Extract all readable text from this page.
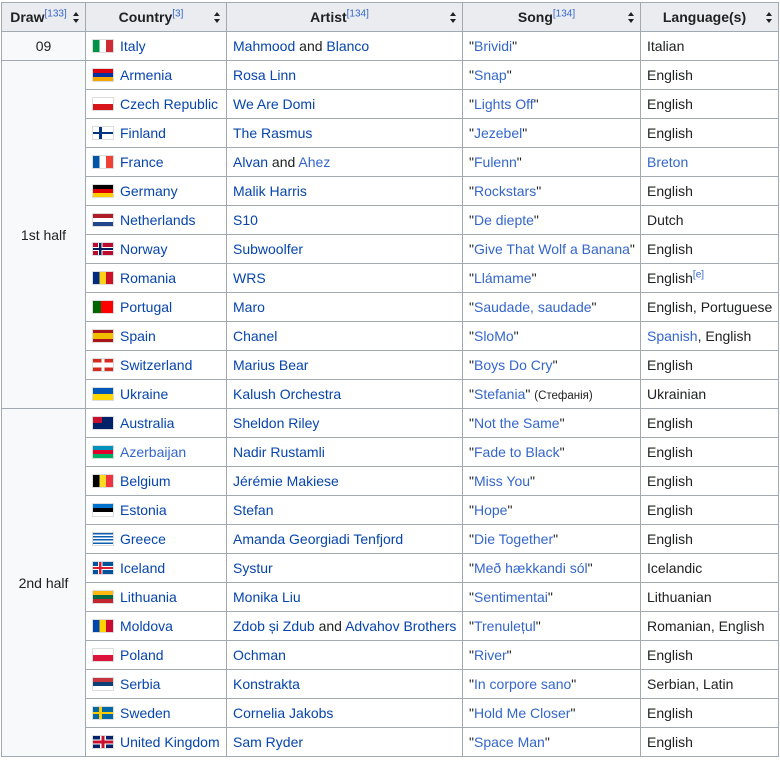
Draw[133]	Country[3]	Artist[134]	Song[134]	Language(s)

09	Italy	Mahmood and Blanco	"Brividi"	Italian
1st half	Armenia	Rosa Linn	"Snap"	English
	Czech Republic	We Are Domi	"Lights Off"	English
	Finland	The Rasmus	"Jezebel"	English
	France	Alvan and Ahez	"Fulenn"	Breton
	Germany	Malik Harris	"Rockstars"	English
	Netherlands	S10	"De diepte"	Dutch
	Norway	Subwoolfer	"Give That Wolf a Banana"	English
	Romania	WRS	"Llámame"	English[e]
	Portugal	Maro	"Saudade, saudade"	English, Portuguese
	Spain	Chanel	"SloMo"	Spanish, English
	Switzerland	Marius Bear	"Boys Do Cry"	English
	Ukraine	Kalush Orchestra	"Stefania" (Стефанія)	Ukrainian
2nd half	Australia	Sheldon Riley	"Not the Same"	English
	Azerbaijan	Nadir Rustamli	"Fade to Black"	English
	Belgium	Jérémie Makiese	"Miss You"	English
	Estonia	Stefan	"Hope"	English
	Greece	Amanda Georgiadi Tenfjord	"Die Together"	English
	Iceland	Systur	"Með hækkandi sól"	Icelandic
	Lithuania	Monika Liu	"Sentimentai"	Lithuanian
	Moldova	Zdob și Zdub and Advahov Brothers	"Trenulețul"	Romanian, English
	Poland	Ochman	"River"	English
	Serbia	Konstrakta	"In corpore sano"	Serbian, Latin
	Sweden	Cornelia Jakobs	"Hold Me Closer"	English
	United Kingdom	Sam Ryder	"Space Man"	English
